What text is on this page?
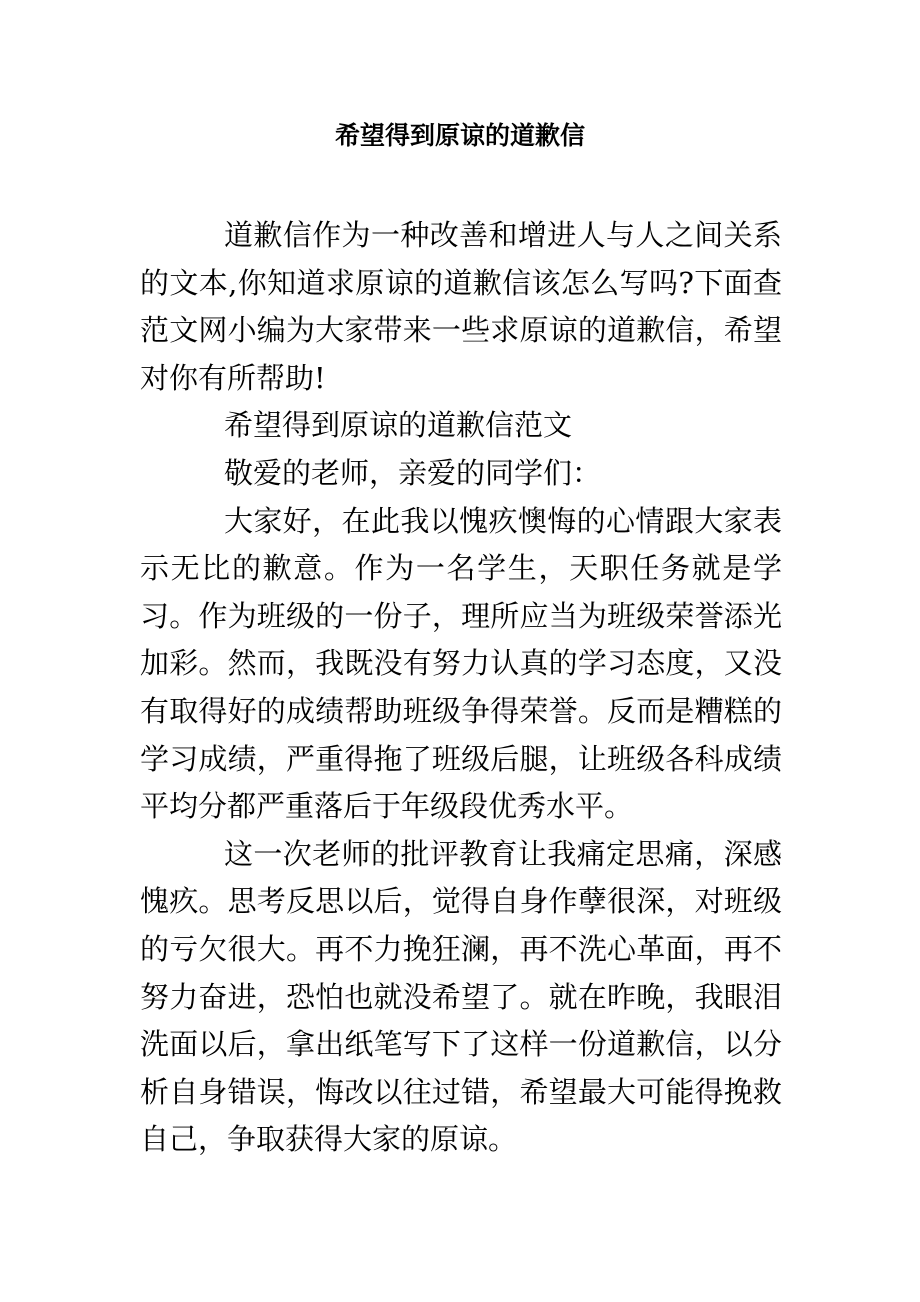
希望得到原谅的道歉信

道歉信作为一种改善和增进人与人之间关系的文本,你知道求原谅的道歉信该怎么写吗?下面查范文网小编为大家带来一些求原谅的道歉信，希望对你有所帮助!

希望得到原谅的道歉信范文

敬爱的老师，亲爱的同学们：

大家好，在此我以愧疚懊悔的心情跟大家表示无比的歉意。作为一名学生，天职任务就是学习。作为班级的一份子，理所应当为班级荣誉添光加彩。然而，我既没有努力认真的学习态度，又没有取得好的成绩帮助班级争得荣誉。反而是糟糕的学习成绩，严重得拖了班级后腿，让班级各科成绩平均分都严重落后于年级段优秀水平。

这一次老师的批评教育让我痛定思痛，深感愧疚。思考反思以后，觉得自身作孽很深，对班级的亏欠很大。再不力挽狂澜，再不洗心革面，再不努力奋进，恐怕也就没希望了。就在昨晚，我眼泪洗面以后，拿出纸笔写下了这样一份道歉信，以分析自身错误，悔改以往过错，希望最大可能得挽救自己，争取获得大家的原谅。
